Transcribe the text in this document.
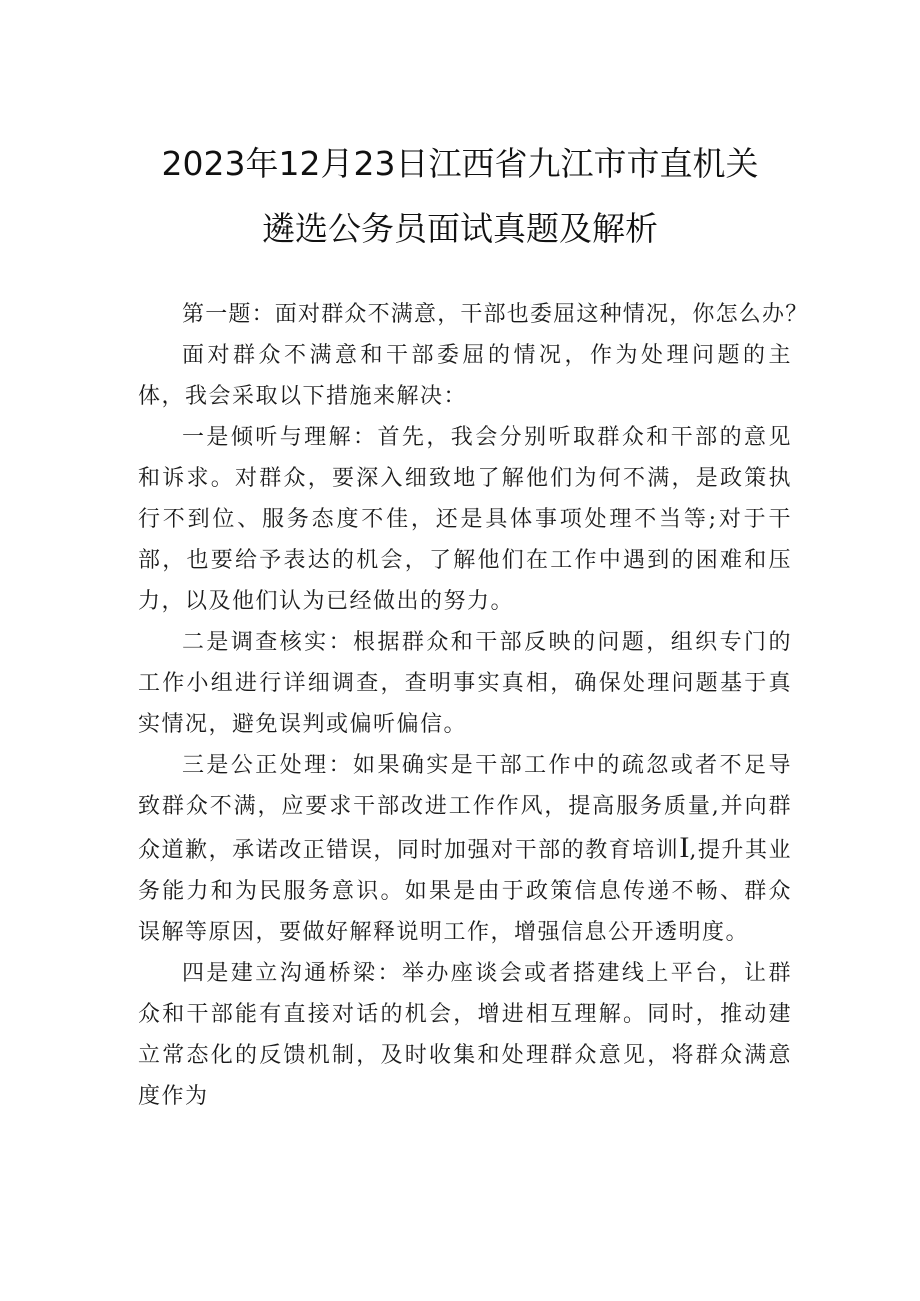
2023年12月23日江西省九江市市直机关
遴选公务员面试真题及解析

第一题：面对群众不满意，干部也委屈这种情况，你怎么办？

面对群众不满意和干部委屈的情况，作为处理问题的主体，我会采取以下措施来解决：

一是倾听与理解：首先，我会分别听取群众和干部的意见和诉求。对群众，要深入细致地了解他们为何不满，是政策执行不到位、服务态度不佳，还是具体事项处理不当等;对于干部，也要给予表达的机会，了解他们在工作中遇到的困难和压力，以及他们认为已经做出的努力。

二是调查核实：根据群众和干部反映的问题，组织专门的工作小组进行详细调查，查明事实真相，确保处理问题基于真实情况，避免误判或偏听偏信。

三是公正处理：如果确实是干部工作中的疏忽或者不足导致群众不满，应要求干部改进工作作风，提高服务质量,并向群众道歉，承诺改正错误，同时加强对干部的教育培训I,提升其业务能力和为民服务意识。如果是由于政策信息传递不畅、群众误解等原因，要做好解释说明工作，增强信息公开透明度。

四是建立沟通桥梁：举办座谈会或者搭建线上平台，让群众和干部能有直接对话的机会，增进相互理解。同时，推动建立常态化的反馈机制，及时收集和处理群众意见，将群众满意度作为
